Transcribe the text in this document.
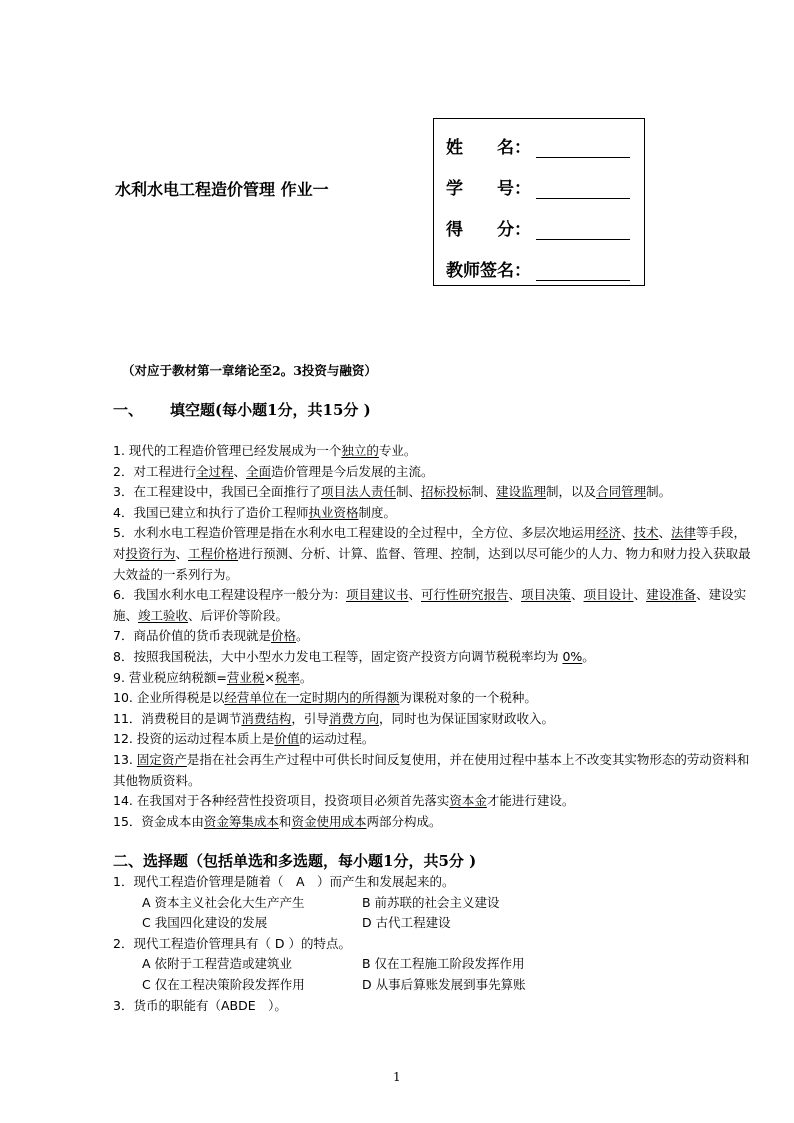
水利水电工程造价管理 作业一
姓　　名：
学　　号：
得　　分：
教师签名：
（对应于教材第一章绪论至2。3投资与融资）
一、 填空题(每小题1分，共15分 )

1. 现代的工程造价管理已经发展成为一个独立的专业。

2．对工程进行全过程、全面造价管理是今后发展的主流。

3．在工程建设中，我国已全面推行了项目法人责任制、招标投标制、建设监理制，以及合同管理制。

4．我国已建立和执行了造价工程师执业资格制度。

5．水利水电工程造价管理是指在水利水电工程建设的全过程中，全方位、多层次地运用经济、技术、法律等手段，对投资行为、工程价格进行预测、分析、计算、监督、管理、控制，达到以尽可能少的人力、物力和财力投入获取最大效益的一系列行为。

6．我国水利水电工程建设程序一般分为：项目建议书、可行性研究报告、项目决策、项目设计、建设准备、建设实施、竣工验收、后评价等阶段。

7．商品价值的货币表现就是价格。

8．按照我国税法，大中小型水力发电工程等，固定资产投资方向调节税税率均为 0%。

9. 营业税应纳税额=营业税×税率。

10. 企业所得税是以经营单位在一定时期内的所得额为课税对象的一个税种。

11．消费税目的是调节消费结构，引导消费方向，同时也为保证国家财政收入。

12. 投资的运动过程本质上是价值的运动过程。

13. 固定资产是指在社会再生产过程中可供长时间反复使用，并在使用过程中基本上不改变其实物形态的劳动资料和其他物质资料。

14. 在我国对于各种经营性投资项目，投资项目必须首先落实资本金才能进行建设。

15．资金成本由资金筹集成本和资金使用成本两部分构成。

二、选择题（包括单选和多选题，每小题1分，共5分 )

1．现代工程造价管理是随着（　A　）而产生和发展起来的。

A 资本主义社会化大生产产生	B 前苏联的社会主义建设

C 我国四化建设的发展	D 古代工程建设

2．现代工程造价管理具有（ D ）的特点。

A 依附于工程营造或建筑业	B 仅在工程施工阶段发挥作用

C 仅在工程决策阶段发挥作用	D 从事后算账发展到事先算账

3．货币的职能有（ABDE　）。

1
